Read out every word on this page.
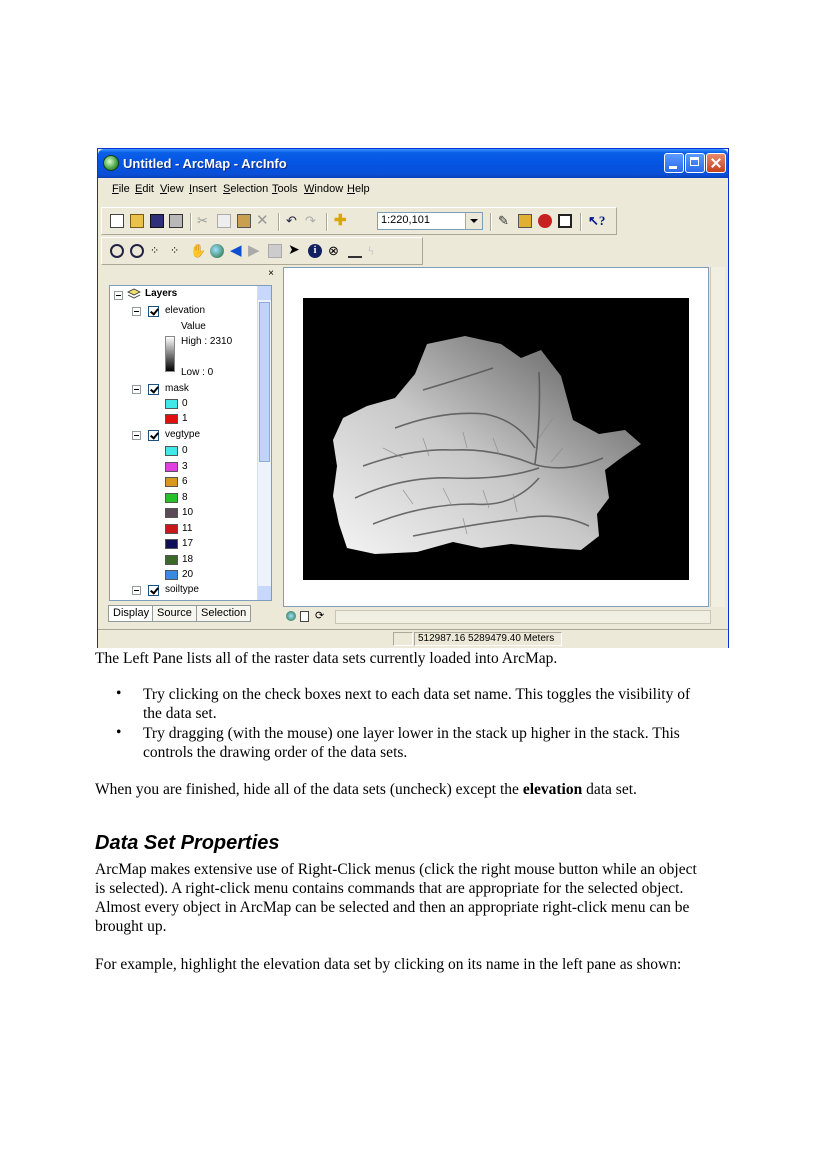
Untitled - ArcMap - ArcInfo
File Edit View Insert Selection Tools Window Help
✂	✕ ↶ ↷ ✚	1:220,101	✎	↖?
⁘ ⁘ ✋ ◀ ▶ ➤	i ⊗ ϟ
×
Layers
elevation
Value
High : 2310
Low : 0
mask
0
1
vegtype
0
3
6
8
10
11
17
18
20
soiltype
Display Source Selection	⟳
512987.16 5289479.40 Meters
The Left Pane lists all of the raster data sets currently loaded into ArcMap.
• Try clicking on the check boxes next to each data set name. This toggles the visibility of
the data set.
• Try dragging (with the mouse) one layer lower in the stack up higher in the stack. This
controls the drawing order of the data sets.
When you are finished, hide all of the data sets (uncheck) except the elevation data set.
Data Set Properties
ArcMap makes extensive use of Right-Click menus (click the right mouse button while an object
is selected). A right-click menu contains commands that are appropriate for the selected object.
Almost every object in ArcMap can be selected and then an appropriate right-click menu can be
brought up.
For example, highlight the elevation data set by clicking on its name in the left pane as shown:
